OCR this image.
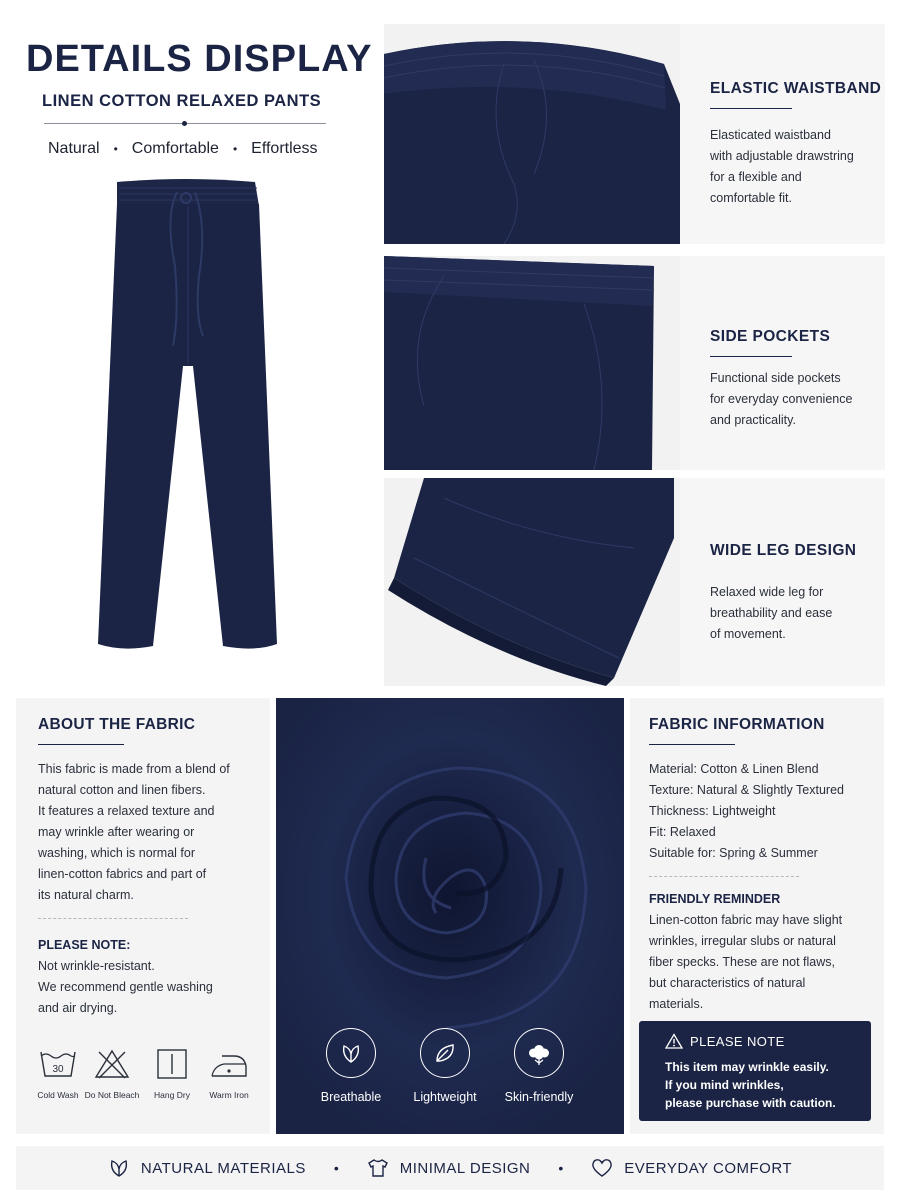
DETAILS DISPLAY
LINEN COTTON RELAXED PANTS
Natural • Comfortable • Effortless
ELASTIC WAISTBAND
Elasticated waistband
with adjustable drawstring
for a flexible and
comfortable fit.
SIDE POCKETS
Functional side pockets
for everyday convenience
and practicality.
WIDE LEG DESIGN
Relaxed wide leg for
breathability and ease
of movement.
ABOUT THE FABRIC
This fabric is made from a blend of
natural cotton and linen fibers.
It features a relaxed texture and
may wrinkle after wearing or
washing, which is normal for
linen-cotton fabrics and part of
its natural charm.
PLEASE NOTE:
Not wrinkle-resistant.
We recommend gentle washing
and air drying.
30
Cold Wash Do Not Bleach Hang Dry Warm Iron	Breathable	Lightweight Skin-friendly
FABRIC INFORMATION
Material: Cotton & Linen Blend
Texture: Natural & Slightly Textured
Thickness: Lightweight
Fit: Relaxed
Suitable for: Spring & Summer
FRIENDLY REMINDER
Linen-cotton fabric may have slight
wrinkles, irregular slubs or natural
fiber specks. These are not flaws,
but characteristics of natural
materials.
PLEASE NOTE
This item may wrinkle easily.
If you mind wrinkles,
please purchase with caution.
NATURAL MATERIALS •	MINIMAL DESIGN •	EVERYDAY COMFORT
